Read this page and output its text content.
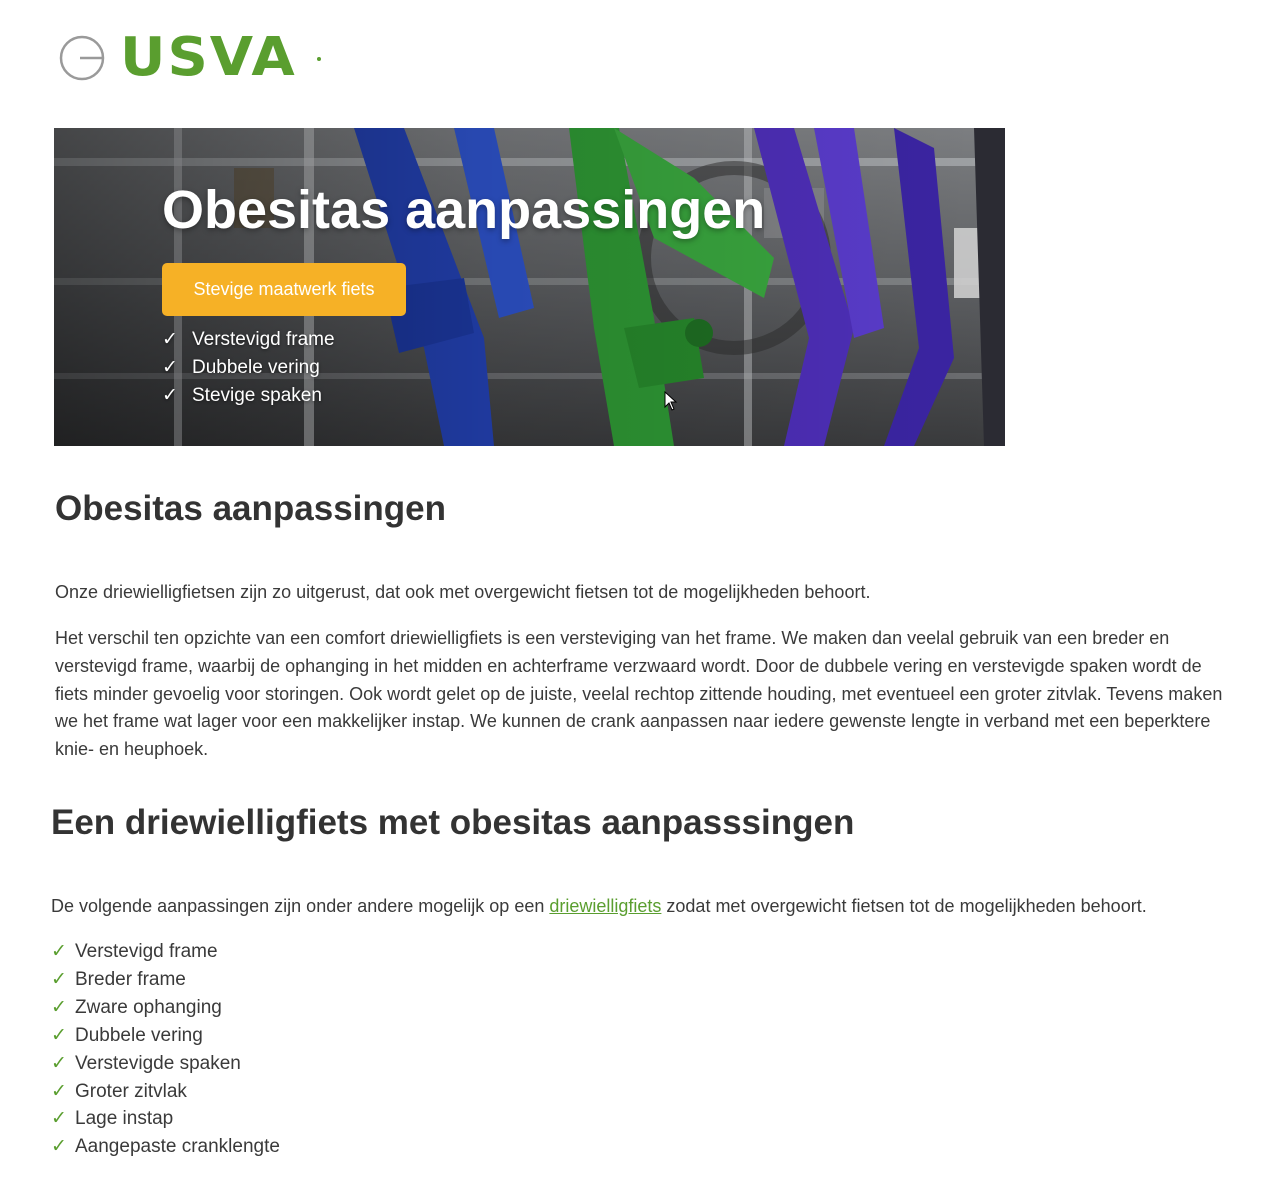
USVA
Obesitas aanpassingen
Stevige maatwerk fiets
✓ Verstevigd frame
✓ Dubbele vering
✓ Stevige spaken
Obesitas aanpassingen

Onze driewielligfietsen zijn zo uitgerust, dat ook met overgewicht fietsen tot de mogelijkheden behoort.

Het verschil ten opzichte van een comfort driewielligfiets is een versteviging van het frame. We maken dan veelal gebruik van een breder en verstevigd frame, waarbij de ophanging in het midden en achterframe verzwaard wordt. Door de dubbele vering en verstevigde spaken wordt de fiets minder gevoelig voor storingen. Ook wordt gelet op de juiste, veelal rechtop zittende houding, met eventueel een groter zitvlak. Tevens maken we het frame wat lager voor een makkelijker instap. We kunnen de crank aanpassen naar iedere gewenste lengte in verband met een beperktere knie- en heuphoek.

Een driewielligfiets met obesitas aanpasssingen

De volgende aanpassingen zijn onder andere mogelijk op een driewielligfiets zodat met overgewicht fietsen tot de mogelijkheden behoort.

✓ Verstevigd frame
✓ Breder frame
✓ Zware ophanging
✓ Dubbele vering
✓ Verstevigde spaken
✓ Groter zitvlak
✓ Lage instap
✓ Aangepaste cranklengte
